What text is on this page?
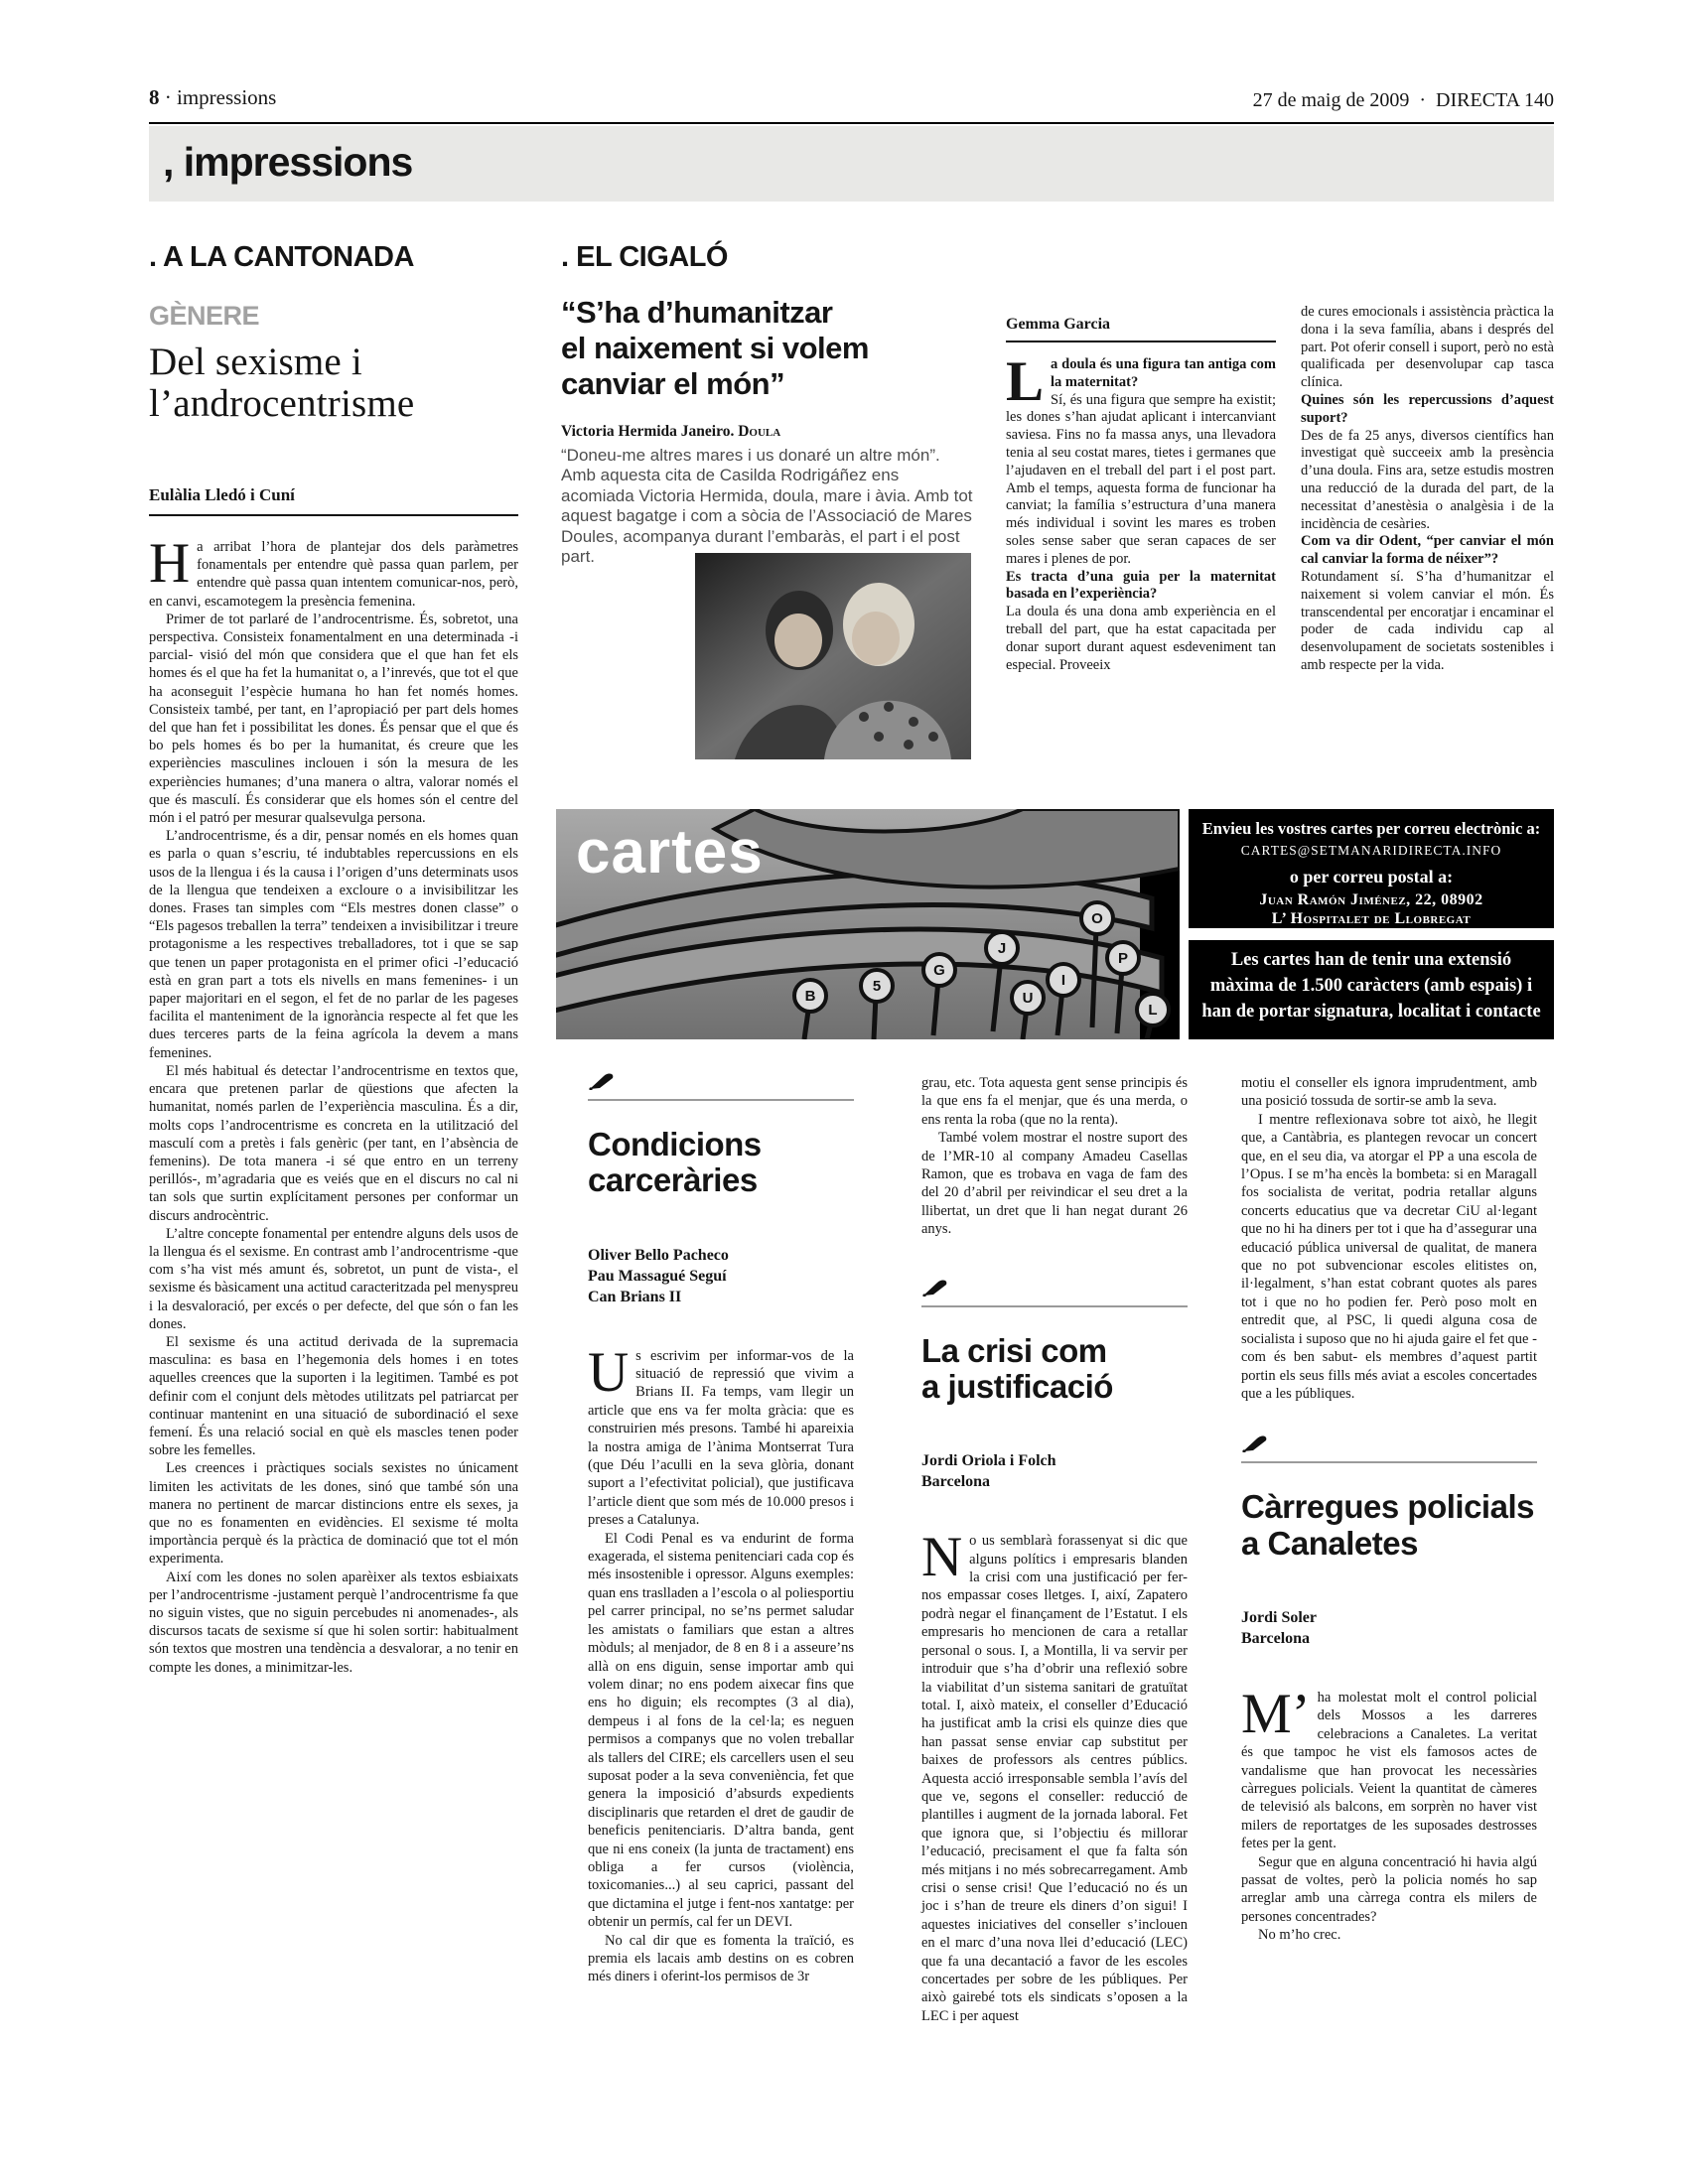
8 · impressions	27 de maig de 2009 · DIRECTA 140
, impressions
. A LA CANTONADA
GÈNERE
Del sexisme i
l’androcentrisme
Eulàlia Lledó i Cuní

Ha arribat l’hora de plantejar dos dels paràmetres fonamentals per entendre què passa quan parlem, per entendre què passa quan intentem comunicar-nos, però, en canvi, escamotegem la presència femenina.

Primer de tot parlaré de l’androcentrisme. És, sobretot, una perspectiva. Consisteix fonamentalment en una determinada -i parcial- visió del món que considera que el que han fet els homes és el que ha fet la humanitat o, a l’inrevés, que tot el que ha aconseguit l’espècie humana ho han fet només homes. Consisteix també, per tant, en l’apropiació per part dels homes del que han fet i possibilitat les dones. És pensar que el que és bo pels homes és bo per la humanitat, és creure que les experiències masculines inclouen i són la mesura de les experiències humanes; d’una manera o altra, valorar només el que és masculí. És considerar que els homes són el centre del món i el patró per mesurar qualsevulga persona.

L’androcentrisme, és a dir, pensar només en els homes quan es parla o quan s’escriu, té indubtables repercussions en els usos de la llengua i és la causa i l’origen d’uns determinats usos de la llengua que tendeixen a excloure o a invisibilitzar les dones. Frases tan simples com “Els mestres donen classe” o “Els pagesos treballen la terra” tendeixen a invisibilitzar i treure protagonisme a les respectives treballadores, tot i que se sap que tenen un paper protagonista en el primer ofici -l’educació està en gran part a tots els nivells en mans femenines- i un paper majoritari en el segon, el fet de no parlar de les pageses facilita el manteniment de la ignorància respecte al fet que les dues terceres parts de la feina agrícola la devem a mans femenines.

El més habitual és detectar l’androcentrisme en textos que, encara que pretenen parlar de qüestions que afecten la humanitat, només parlen de l’experiència masculina. És a dir, molts cops l’androcentrisme es concreta en la utilització del masculí com a pretès i fals genèric (per tant, en l’absència de femenins). De tota manera -i sé que entro en un terreny perillós-, m’agradaria que es veiés que en el discurs no cal ni tan sols que surtin explícitament persones per conformar un discurs androcèntric.

L’altre concepte fonamental per entendre alguns dels usos de la llengua és el sexisme. En contrast amb l’androcentrisme -que com s’ha vist més amunt és, sobretot, un punt de vista-, el sexisme és bàsicament una actitud caracteritzada pel menyspreu i la desvaloració, per excés o per defecte, del que són o fan les dones.

El sexisme és una actitud derivada de la supremacia masculina: es basa en l’hegemonia dels homes i en totes aquelles creences que la suporten i la legitimen. També es pot definir com el conjunt dels mètodes utilitzats pel patriarcat per continuar mantenint en una situació de subordinació el sexe femení. És una relació social en què els mascles tenen poder sobre les femelles.

Les creences i pràctiques socials sexistes no únicament limiten les activitats de les dones, sinó que també són una manera no pertinent de marcar distincions entre els sexes, ja que no es fonamenten en evidències. El sexisme té molta importància perquè és la pràctica de dominació que tot el món experimenta.

Així com les dones no solen aparèixer als textos esbiaixats per l’androcentrisme -justament perquè l’androcentrisme fa que no siguin vistes, que no siguin percebudes ni anomenades-, als discursos tacats de sexisme sí que hi solen sortir: habitualment són textos que mostren una tendència a desvalorar, a no tenir en compte les dones, a minimitzar-les.

. EL CIGALÓ
“S’ha d’humanitzar
el naixement si volem
canviar el món”
Victoria Hermida Janeiro. Doula
“Doneu-me altres mares i us donaré un altre món”. Amb aquesta cita de Casilda Rodrigáñez ens acomiada Victoria Hermida, doula, mare i àvia. Amb tot aquest bagatge i com a sòcia de l’Associació de Mares Doules, acompanya durant l’embaràs, el part i el post part.

Gemma Garcia

La doula és una figura tan antiga com la maternitat?

Sí, és una figura que sempre ha existit; les dones s’han ajudat aplicant i intercanviant saviesa. Fins no fa massa anys, una llevadora tenia al seu costat mares, tietes i germanes que l’ajudaven en el treball del part i el post part. Amb el temps, aquesta forma de funcionar ha canviat; la família s’estructura d’una manera més individual i sovint les mares es troben soles sense saber que seran capaces de ser mares i plenes de por.

Es tracta d’una guia per la maternitat basada en l’experiència?

La doula és una dona amb experiència en el treball del part, que ha estat capacitada per donar suport durant aquest esdeveniment tan especial. Proveeix

de cures emocionals i assistència pràctica la dona i la seva família, abans i després del part. Pot oferir consell i suport, però no està qualificada per desenvolupar cap tasca clínica.

Quines són les repercussions d’aquest suport?

Des de fa 25 anys, diversos científics han investigat què succeeix amb la presència d’una doula. Fins ara, setze estudis mostren una reducció de la durada del part, de la necessitat d’anestèsia o analgèsia i de la incidència de cesàries.

Com va dir Odent, “per canviar el món cal canviar la forma de néixer”?

Rotundament sí. S’ha d’humanitzar el naixement si volem canviar el món. És transcendental per encoratjar i encaminar el poder de cada individu cap al desenvolupament de societats sostenibles i amb respecte per la vida.

cartes
B
5
G
J
U
I
O
P
L
Envieu les vostres cartes per correu electrònic a:
CARTES@SETMANARIDIRECTA.INFO
o per correu postal a:
Juan Ramón Jiménez, 22, 08902
L’ Hospitalet de Llobregat
Les cartes han de tenir una extensió màxima de 1.500 caràcters (amb espais) i han de portar signatura, localitat i contacte
Condicions
carceràries

Oliver Bello Pacheco

Pau Massagué Seguí

Can Brians II

Us escrivim per informar-vos de la situació de repressió que vivim a Brians II. Fa temps, vam llegir un article que ens va fer molta gràcia: que es construirien més presons. També hi apareixia la nostra amiga de l’ànima Montserrat Tura (que Déu l’aculli en la seva glòria, donant suport a l’efectivitat policial), que justificava l’article dient que som més de 10.000 presos i preses a Catalunya.

El Codi Penal es va endurint de forma exagerada, el sistema penitenciari cada cop és més insostenible i opressor. Alguns exemples: quan ens traslladen a l’escola o al poliesportiu pel carrer principal, no se’ns permet saludar les amistats o familiars que estan a altres mòduls; al menjador, de 8 en 8 i a asseure’ns allà on ens diguin, sense importar amb qui volem dinar; no ens podem aixecar fins que ens ho diguin; els recomptes (3 al dia), dempeus i al fons de la cel·la; es neguen permisos a companys que no volen treballar als tallers del CIRE; els carcellers usen el seu suposat poder a la seva conveniència, fet que genera la imposició d’absurds expedients disciplinaris que retarden el dret de gaudir de beneficis penitenciaris. D’altra banda, gent que ni ens coneix (la junta de tractament) ens obliga a fer cursos (violència, toxicomanies...) al seu caprici, passant del que dictamina el jutge i fent-nos xantatge: per obtenir un permís, cal fer un DEVI.

No cal dir que es fomenta la traïció, es premia els lacais amb destins on es cobren més diners i oferint-los permisos de 3r

grau, etc. Tota aquesta gent sense principis és la que ens fa el menjar, que és una merda, o ens renta la roba (que no la renta).

També volem mostrar el nostre suport des de l’MR-10 al company Amadeu Casellas Ramon, que es trobava en vaga de fam des del 20 d’abril per reivindicar el seu dret a la llibertat, un dret que li han negat durant 26 anys.

La crisi com
a justificació

Jordi Oriola i Folch

Barcelona

No us semblarà forassenyat si dic que alguns polítics i empresaris blanden la crisi com una justificació per fer-nos empassar coses lletges. I, així, Zapatero podrà negar el finançament de l’Estatut. I els empresaris ho mencionen de cara a retallar personal o sous. I, a Montilla, li va servir per introduir que s’ha d’obrir una reflexió sobre la viabilitat d’un sistema sanitari de gratuïtat total. I, això mateix, el conseller d’Educació ha justificat amb la crisi els quinze dies que han passat sense enviar cap substitut per baixes de professors als centres públics. Aquesta acció irresponsable sembla l’avís del que ve, segons el conseller: reducció de plantilles i augment de la jornada laboral. Fet que ignora que, si l’objectiu és millorar l’educació, precisament el que fa falta són més mitjans i no més sobrecarregament. Amb crisi o sense crisi! Que l’educació no és un joc i s’han de treure els diners d’on sigui! I aquestes iniciatives del conseller s’inclouen en el marc d’una nova llei d’educació (LEC) que fa una decantació a favor de les escoles concertades per sobre de les públiques. Per això gairebé tots els sindicats s’oposen a la LEC i per aquest

motiu el conseller els ignora imprudentment, amb una posició tossuda de sortir-se amb la seva.

I mentre reflexionava sobre tot això, he llegit que, a Cantàbria, es plantegen revocar un concert que, en el seu dia, va atorgar el PP a una escola de l’Opus. I se m’ha encès la bombeta: si en Maragall fos socialista de veritat, podria retallar alguns concerts educatius que va decretar CiU al·legant que no hi ha diners per tot i que ha d’assegurar una educació pública universal de qualitat, de manera que no pot subvencionar escoles elitistes on, il·legalment, s’han estat cobrant quotes als pares tot i que no ho podien fer. Però poso molt en entredit que, al PSC, li quedi alguna cosa de socialista i suposo que no hi ajuda gaire el fet que -com és ben sabut- els membres d’aquest partit portin els seus fills més aviat a escoles concertades que a les públiques.

Càrregues policials
a Canaletes

Jordi Soler

Barcelona

M’ ha molestat molt el control policial dels Mossos a les darreres celebracions a Canaletes. La veritat és que tampoc he vist els famosos actes de vandalisme que han provocat les necessàries càrregues policials. Veient la quantitat de càmeres de televisió als balcons, em sorprèn no haver vist milers de reportatges de les suposades destrosses fetes per la gent.

Segur que en alguna concentració hi havia algú passat de voltes, però la policia només ho sap arreglar amb una càrrega contra els milers de persones concentrades?

No m’ho crec.
